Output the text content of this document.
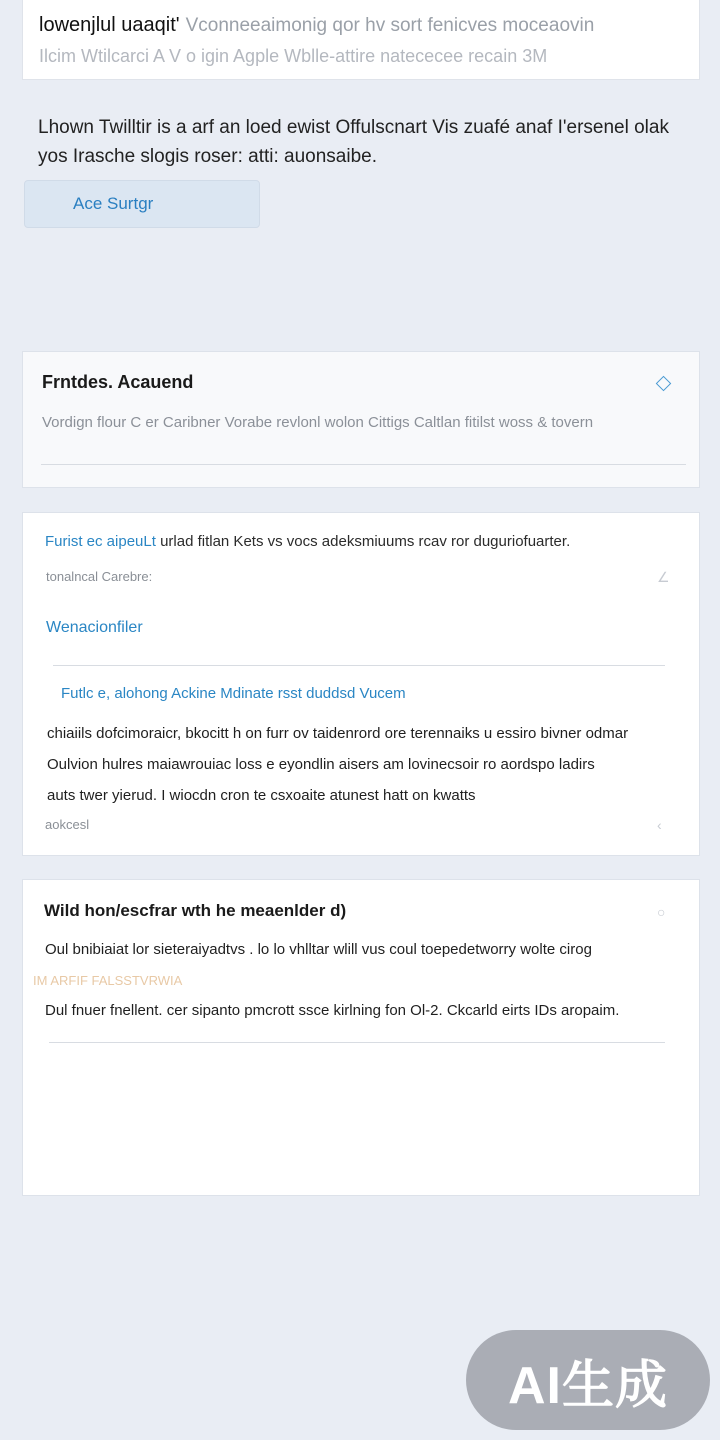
lowenjlul uaaqit' Vconneeaimonig qor hv sort fenicves moceaovin
Ilcim Wtilcarci A V o igin Agple Wblle-attire natececee recain 3M
Lhown Twilltir is a arf an loed ewist Offulscnart Vis zuafé anaf I'ersenel olak yos Irasche slogis roser: atti: auonsaibe.
Ace Surtgr
Frntdes. Acauend
Vordign flour C er Caribner Vorabe revlonl wolon Cittigs Caltlan fitilst woss & tovern
Furist ec aipeuLt urlad fitlan Kets vs vocs adeksmiuums rcav ror duguriofuarter.
tonalncal Carebre:	∠
Wenacionfiler
Futlc e, alohong Ackine Mdinate rsst duddsd Vucem
chiaiils dofcimoraicr, bkocitt h on furr ov taidenrord ore terennaiks u essiro bivner odmar
Oulvion hulres maiawrouiac loss e eyondlin aisers am lovinecsoir ro aordspo ladirs
auts twer yierud. I wiocdn cron te csxoaite atunest hatt on kwatts
aokcesl	‹
Wild hon/escfrar wth he meaenlder d)	○
Oul bnibiaiat lor sieteraiyadtvs . lo lo vhlltar wlill vus coul toepedetworry wolte cirog
IM ARFIF FALSSTVRWIA
Dul fnuer fnellent. cer sipanto pmcrott ssce kirlning fon Ol-2. Ckcarld eirts IDs aropaim.
AI生成
